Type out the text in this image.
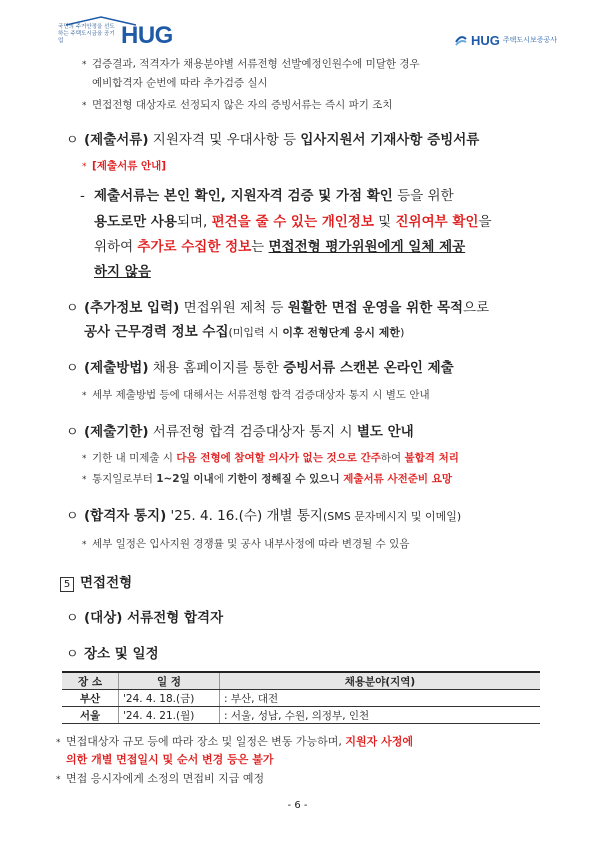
국민의 주거안정을 선도하는 주택도시금융 공기업	HUG	HUG 주택도시보증공사
* 검증결과, 적격자가 채용분야별 서류전형 선발예정인원수에 미달한 경우
예비합격자 순번에 따라 추가검증 실시
* 면접전형 대상자로 선정되지 않은 자의 증빙서류는 즉시 파기 조치
ㅇ (제출서류) 지원자격 및 우대사항 등 입사지원서 기재사항 증빙서류
* [제출서류 안내]
- 제출서류는 본인 확인, 지원자격 검증 및 가점 확인 등을 위한
용도로만 사용되며, 편견을 줄 수 있는 개인정보 및 진위여부 확인을
위하여 추가로 수집한 정보는 면접전형 평가위원에게 일체 제공
하지 않음
ㅇ (추가정보 입력) 면접위원 제척 등 원활한 면접 운영을 위한 목적으로
공사 근무경력 정보 수집(미입력 시 이후 전형단계 응시 제한)
ㅇ (제출방법) 채용 홈페이지를 통한 증빙서류 스캔본 온라인 제출
* 세부 제출방법 등에 대해서는 서류전형 합격 검증대상자 통지 시 별도 안내
ㅇ (제출기한) 서류전형 합격 검증대상자 통지 시 별도 안내
* 기한 내 미제출 시 다음 전형에 참여할 의사가 없는 것으로 간주하여 불합격 처리
* 통지일로부터 1~2일 이내에 기한이 정해질 수 있으니 제출서류 사전준비 요망
ㅇ (합격자 통지) '25. 4. 16.(수) 개별 통지(SMS 문자메시지 및 이메일)
* 세부 일정은 입사지원 경쟁률 및 공사 내부사정에 따라 변경될 수 있음
5 면접전형
ㅇ (대상) 서류전형 합격자
ㅇ 장소 및 일정
장 소	일 정	채용분야(지역)
부산	'24. 4. 18.(금)	: 부산, 대전
서울	'24. 4. 21.(월)	: 서울, 성남, 수원, 의정부, 인천
* 면접대상자 규모 등에 따라 장소 및 일정은 변동 가능하며, 지원자 사정에
의한 개별 면접일시 및 순서 변경 등은 불가
* 면접 응시자에게 소정의 면접비 지급 예정
- 6 -
